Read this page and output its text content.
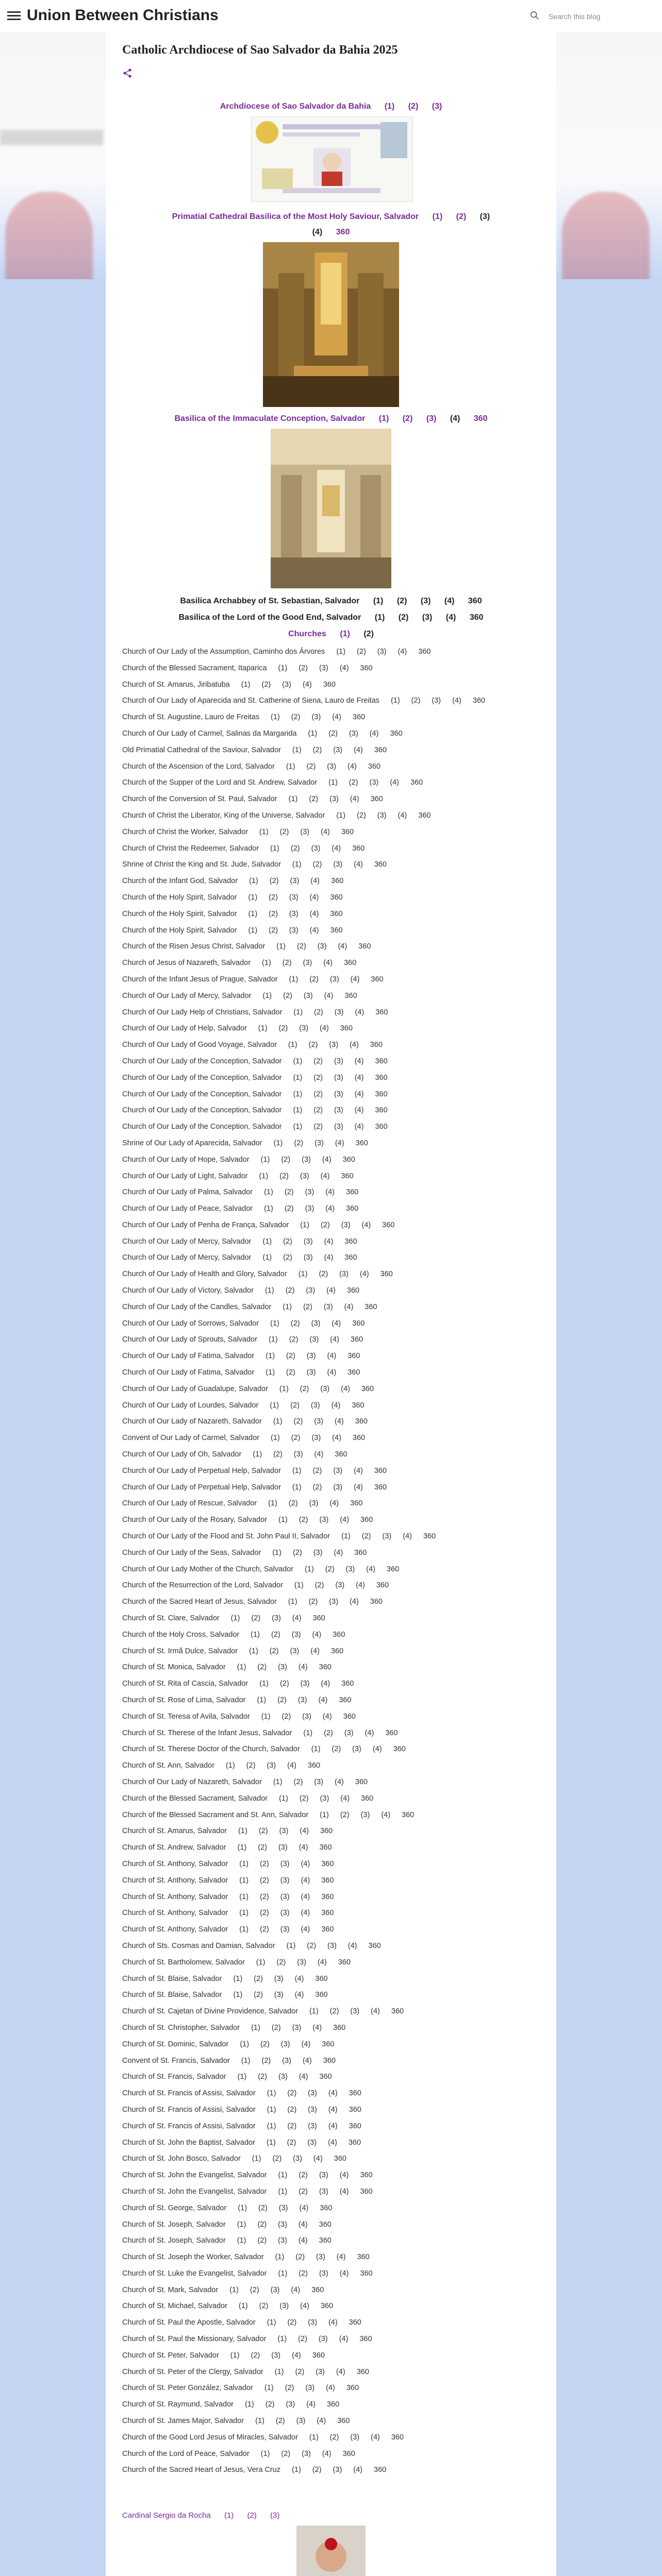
Union Between Christians	Search this blog
Catholic Archdiocese of Sao Salvador da Bahia 2025
Archdiocese of Sao Salvador da Bahia (1) (2) (3)
Primatial Cathedral Basilica of the Most Holy Saviour, Salvador (1) (2) (3)
(4) 360
Basilica of the Immaculate Conception, Salvador (1) (2) (3) (4) 360
Basilica Archabbey of St. Sebastian, Salvador (1) (2) (3) (4) 360
Basilica of the Lord of the Good End, Salvador (1) (2) (3) (4) 360
Churches (1) (2)
Church of Our Lady of the Assumption, Caminho dos Árvores (1) (2) (3) (4) 360
Church of the Blessed Sacrament, Itaparica (1) (2) (3) (4) 360
Church of St. Amarus, Jiribatuba (1) (2) (3) (4) 360
Church of Our Lady of Aparecida and St. Catherine of Siena, Lauro de Freitas (1) (2) (3) (4) 360
Church of St. Augustine, Lauro de Freitas (1) (2) (3) (4) 360
Church of Our Lady of Carmel, Salinas da Margarida (1) (2) (3) (4) 360
Old Primatial Cathedral of the Saviour, Salvador (1) (2) (3) (4) 360
Church of the Ascension of the Lord, Salvador (1) (2) (3) (4) 360
Church of the Supper of the Lord and St. Andrew, Salvador (1) (2) (3) (4) 360
Church of the Conversion of St. Paul, Salvador (1) (2) (3) (4) 360
Church of Christ the Liberator, King of the Universe, Salvador (1) (2) (3) (4) 360
Church of Christ the Worker, Salvador (1) (2) (3) (4) 360
Church of Christ the Redeemer, Salvador (1) (2) (3) (4) 360
Shrine of Christ the King and St. Jude, Salvador (1) (2) (3) (4) 360
Church of the Infant God, Salvador (1) (2) (3) (4) 360
Church of the Holy Spirit, Salvador (1) (2) (3) (4) 360
Church of the Holy Spirit, Salvador (1) (2) (3) (4) 360
Church of the Holy Spirit, Salvador (1) (2) (3) (4) 360
Church of the Risen Jesus Christ, Salvador (1) (2) (3) (4) 360
Church of Jesus of Nazareth, Salvador (1) (2) (3) (4) 360
Church of the Infant Jesus of Prague, Salvador (1) (2) (3) (4) 360
Church of Our Lady of Mercy, Salvador (1) (2) (3) (4) 360
Church of Our Lady Help of Christians, Salvador (1) (2) (3) (4) 360
Church of Our Lady of Help, Salvador (1) (2) (3) (4) 360
Church of Our Lady of Good Voyage, Salvador (1) (2) (3) (4) 360
Church of Our Lady of the Conception, Salvador (1) (2) (3) (4) 360
Church of Our Lady of the Conception, Salvador (1) (2) (3) (4) 360
Church of Our Lady of the Conception, Salvador (1) (2) (3) (4) 360
Church of Our Lady of the Conception, Salvador (1) (2) (3) (4) 360
Church of Our Lady of the Conception, Salvador (1) (2) (3) (4) 360
Shrine of Our Lady of Aparecida, Salvador (1) (2) (3) (4) 360
Church of Our Lady of Hope, Salvador (1) (2) (3) (4) 360
Church of Our Lady of Light, Salvador (1) (2) (3) (4) 360
Church of Our Lady of Palma, Salvador (1) (2) (3) (4) 360
Church of Our Lady of Peace, Salvador (1) (2) (3) (4) 360
Church of Our Lady of Penha de França, Salvador (1) (2) (3) (4) 360
Church of Our Lady of Mercy, Salvador (1) (2) (3) (4) 360
Church of Our Lady of Mercy, Salvador (1) (2) (3) (4) 360
Church of Our Lady of Health and Glory, Salvador (1) (2) (3) (4) 360
Church of Our Lady of Victory, Salvador (1) (2) (3) (4) 360
Church of Our Lady of the Candles, Salvador (1) (2) (3) (4) 360
Church of Our Lady of Sorrows, Salvador (1) (2) (3) (4) 360
Church of Our Lady of Sprouts, Salvador (1) (2) (3) (4) 360
Church of Our Lady of Fatima, Salvador (1) (2) (3) (4) 360
Church of Our Lady of Fatima, Salvador (1) (2) (3) (4) 360
Church of Our Lady of Guadalupe, Salvador (1) (2) (3) (4) 360
Church of Our Lady of Lourdes, Salvador (1) (2) (3) (4) 360
Church of Our Lady of Nazareth, Salvador (1) (2) (3) (4) 360
Convent of Our Lady of Carmel, Salvador (1) (2) (3) (4) 360
Church of Our Lady of Oh, Salvador (1) (2) (3) (4) 360
Church of Our Lady of Perpetual Help, Salvador (1) (2) (3) (4) 360
Church of Our Lady of Perpetual Help, Salvador (1) (2) (3) (4) 360
Church of Our Lady of Rescue, Salvador (1) (2) (3) (4) 360
Church of Our Lady of the Rosary, Salvador (1) (2) (3) (4) 360
Church of Our Lady of the Flood and St. John Paul II, Salvador (1) (2) (3) (4) 360
Church of Our Lady of the Seas, Salvador (1) (2) (3) (4) 360
Church of Our Lady Mother of the Church, Salvador (1) (2) (3) (4) 360
Church of the Resurrection of the Lord, Salvador (1) (2) (3) (4) 360
Church of the Sacred Heart of Jesus, Salvador (1) (2) (3) (4) 360
Church of St. Clare, Salvador (1) (2) (3) (4) 360
Church of the Holy Cross, Salvador (1) (2) (3) (4) 360
Church of St. Irmã Dulce, Salvador (1) (2) (3) (4) 360
Church of St. Monica, Salvador (1) (2) (3) (4) 360
Church of St. Rita of Cascia, Salvador (1) (2) (3) (4) 360
Church of St. Rose of Lima, Salvador (1) (2) (3) (4) 360
Church of St. Teresa of Avila, Salvador (1) (2) (3) (4) 360
Church of St. Therese of the Infant Jesus, Salvador (1) (2) (3) (4) 360
Church of St. Therese Doctor of the Church, Salvador (1) (2) (3) (4) 360
Church of St. Ann, Salvador (1) (2) (3) (4) 360
Church of Our Lady of Nazareth, Salvador (1) (2) (3) (4) 360
Church of the Blessed Sacrament, Salvador (1) (2) (3) (4) 360
Church of the Blessed Sacrament and St. Ann, Salvador (1) (2) (3) (4) 360
Church of St. Amarus, Salvador (1) (2) (3) (4) 360
Church of St. Andrew, Salvador (1) (2) (3) (4) 360
Church of St. Anthony, Salvador (1) (2) (3) (4) 360
Church of St. Anthony, Salvador (1) (2) (3) (4) 360
Church of St. Anthony, Salvador (1) (2) (3) (4) 360
Church of St. Anthony, Salvador (1) (2) (3) (4) 360
Church of St. Anthony, Salvador (1) (2) (3) (4) 360
Church of Sts. Cosmas and Damian, Salvador (1) (2) (3) (4) 360
Church of St. Bartholomew, Salvador (1) (2) (3) (4) 360
Church of St. Blaise, Salvador (1) (2) (3) (4) 360
Church of St. Blaise, Salvador (1) (2) (3) (4) 360
Church of St. Cajetan of Divine Providence, Salvador (1) (2) (3) (4) 360
Church of St. Christopher, Salvador (1) (2) (3) (4) 360
Church of St. Dominic, Salvador (1) (2) (3) (4) 360
Convent of St. Francis, Salvador (1) (2) (3) (4) 360
Church of St. Francis, Salvador (1) (2) (3) (4) 360
Church of St. Francis of Assisi, Salvador (1) (2) (3) (4) 360
Church of St. Francis of Assisi, Salvador (1) (2) (3) (4) 360
Church of St. Francis of Assisi, Salvador (1) (2) (3) (4) 360
Church of St. John the Baptist, Salvador (1) (2) (3) (4) 360
Church of St. John Bosco, Salvador (1) (2) (3) (4) 360
Church of St. John the Evangelist, Salvador (1) (2) (3) (4) 360
Church of St. John the Evangelist, Salvador (1) (2) (3) (4) 360
Church of St. George, Salvador (1) (2) (3) (4) 360
Church of St. Joseph, Salvador (1) (2) (3) (4) 360
Church of St. Joseph, Salvador (1) (2) (3) (4) 360
Church of St. Joseph the Worker, Salvador (1) (2) (3) (4) 360
Church of St. Luke the Evangelist, Salvador (1) (2) (3) (4) 360
Church of St. Mark, Salvador (1) (2) (3) (4) 360
Church of St. Michael, Salvador (1) (2) (3) (4) 360
Church of St. Paul the Apostle, Salvador (1) (2) (3) (4) 360
Church of St. Paul the Missionary, Salvador (1) (2) (3) (4) 360
Church of St. Peter, Salvador (1) (2) (3) (4) 360
Church of St. Peter of the Clergy, Salvador (1) (2) (3) (4) 360
Church of St. Peter González, Salvador (1) (2) (3) (4) 360
Church of St. Raymund, Salvador (1) (2) (3) (4) 360
Church of St. James Major, Salvador (1) (2) (3) (4) 360
Church of the Good Lord Jesus of Miracles, Salvador (1) (2) (3) (4) 360
Church of the Lord of Peace, Salvador (1) (2) (3) (4) 360
Church of the Sacred Heart of Jesus, Vera Cruz (1) (2) (3) (4) 360
Cardinal Sergio da Rocha (1) (2) (3)
